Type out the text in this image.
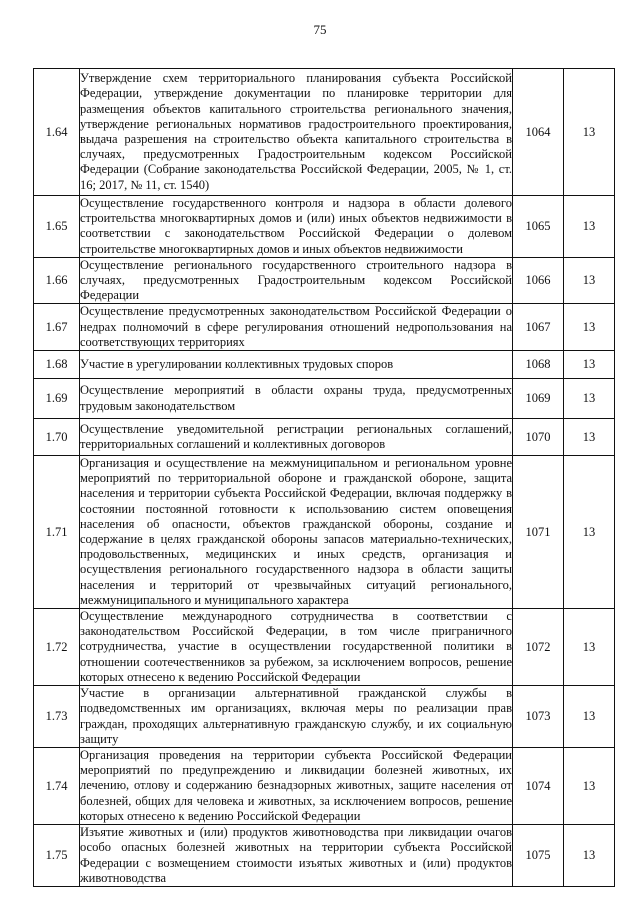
75
1.64	Утверждение схем территориального планирования субъекта Российской Федерации, утверждение документации по планировке территории для размещения объектов капитального строительства регионального значения, утверждение региональных нормативов градостроительного проектирования, выдача разрешения на строительство объекта капитального строительства в случаях, предусмотренных Градостроительным кодексом Российской Федерации (Собрание законодательства Российской Федерации, 2005, № 1, ст. 16; 2017, № 11, ст. 1540)	1064	13
1.65	Осуществление государственного контроля и надзора в области долевого строительства многоквартирных домов и (или) иных объектов недвижимости в соответствии с законодательством Российской Федерации о долевом строительстве многоквартирных домов и иных объектов недвижимости	1065	13
1.66	Осуществление регионального государственного строительного надзора в случаях, предусмотренных Градостроительным кодексом Российской Федерации	1066	13
1.67	Осуществление предусмотренных законодательством Российской Федерации о недрах полномочий в сфере регулирования отношений недропользования на соответствующих территориях	1067	13
1.68	Участие в урегулировании коллективных трудовых споров	1068	13
1.69	Осуществление мероприятий в области охраны труда, предусмотренных трудовым законодательством	1069	13
1.70	Осуществление уведомительной регистрации региональных соглашений, территориальных соглашений и коллективных договоров	1070	13
1.71	Организация и осуществление на межмуниципальном и региональном уровне мероприятий по территориальной обороне и гражданской обороне, защита населения и территории субъекта Российской Федерации, включая поддержку в состоянии постоянной готовности к использованию систем оповещения населения об опасности, объектов гражданской обороны, создание и содержание в целях гражданской обороны запасов материально-технических, продовольственных, медицинских и иных средств, организация и осуществления регионального государственного надзора в области защиты населения и территорий от чрезвычайных ситуаций регионального, межмуниципального и муниципального характера	1071	13
1.72	Осуществление международного сотрудничества в соответствии с законодательством Российской Федерации, в том числе приграничного сотрудничества, участие в осуществлении государственной политики в отношении соотечественников за рубежом, за исключением вопросов, решение которых отнесено к ведению Российской Федерации	1072	13
1.73	Участие в организации альтернативной гражданской службы в подведомственных им организациях, включая меры по реализации прав граждан, проходящих альтернативную гражданскую службу, и их социальную защиту	1073	13
1.74	Организация проведения на территории субъекта Российской Федерации мероприятий по предупреждению и ликвидации болезней животных, их лечению, отлову и содержанию безнадзорных животных, защите населения от болезней, общих для человека и животных, за исключением вопросов, решение которых отнесено к ведению Российской Федерации	1074	13
1.75	Изъятие животных и (или) продуктов животноводства при ликвидации очагов особо опасных болезней животных на территории субъекта Российской Федерации с возмещением стоимости изъятых животных и (или) продуктов животноводства	1075	13
